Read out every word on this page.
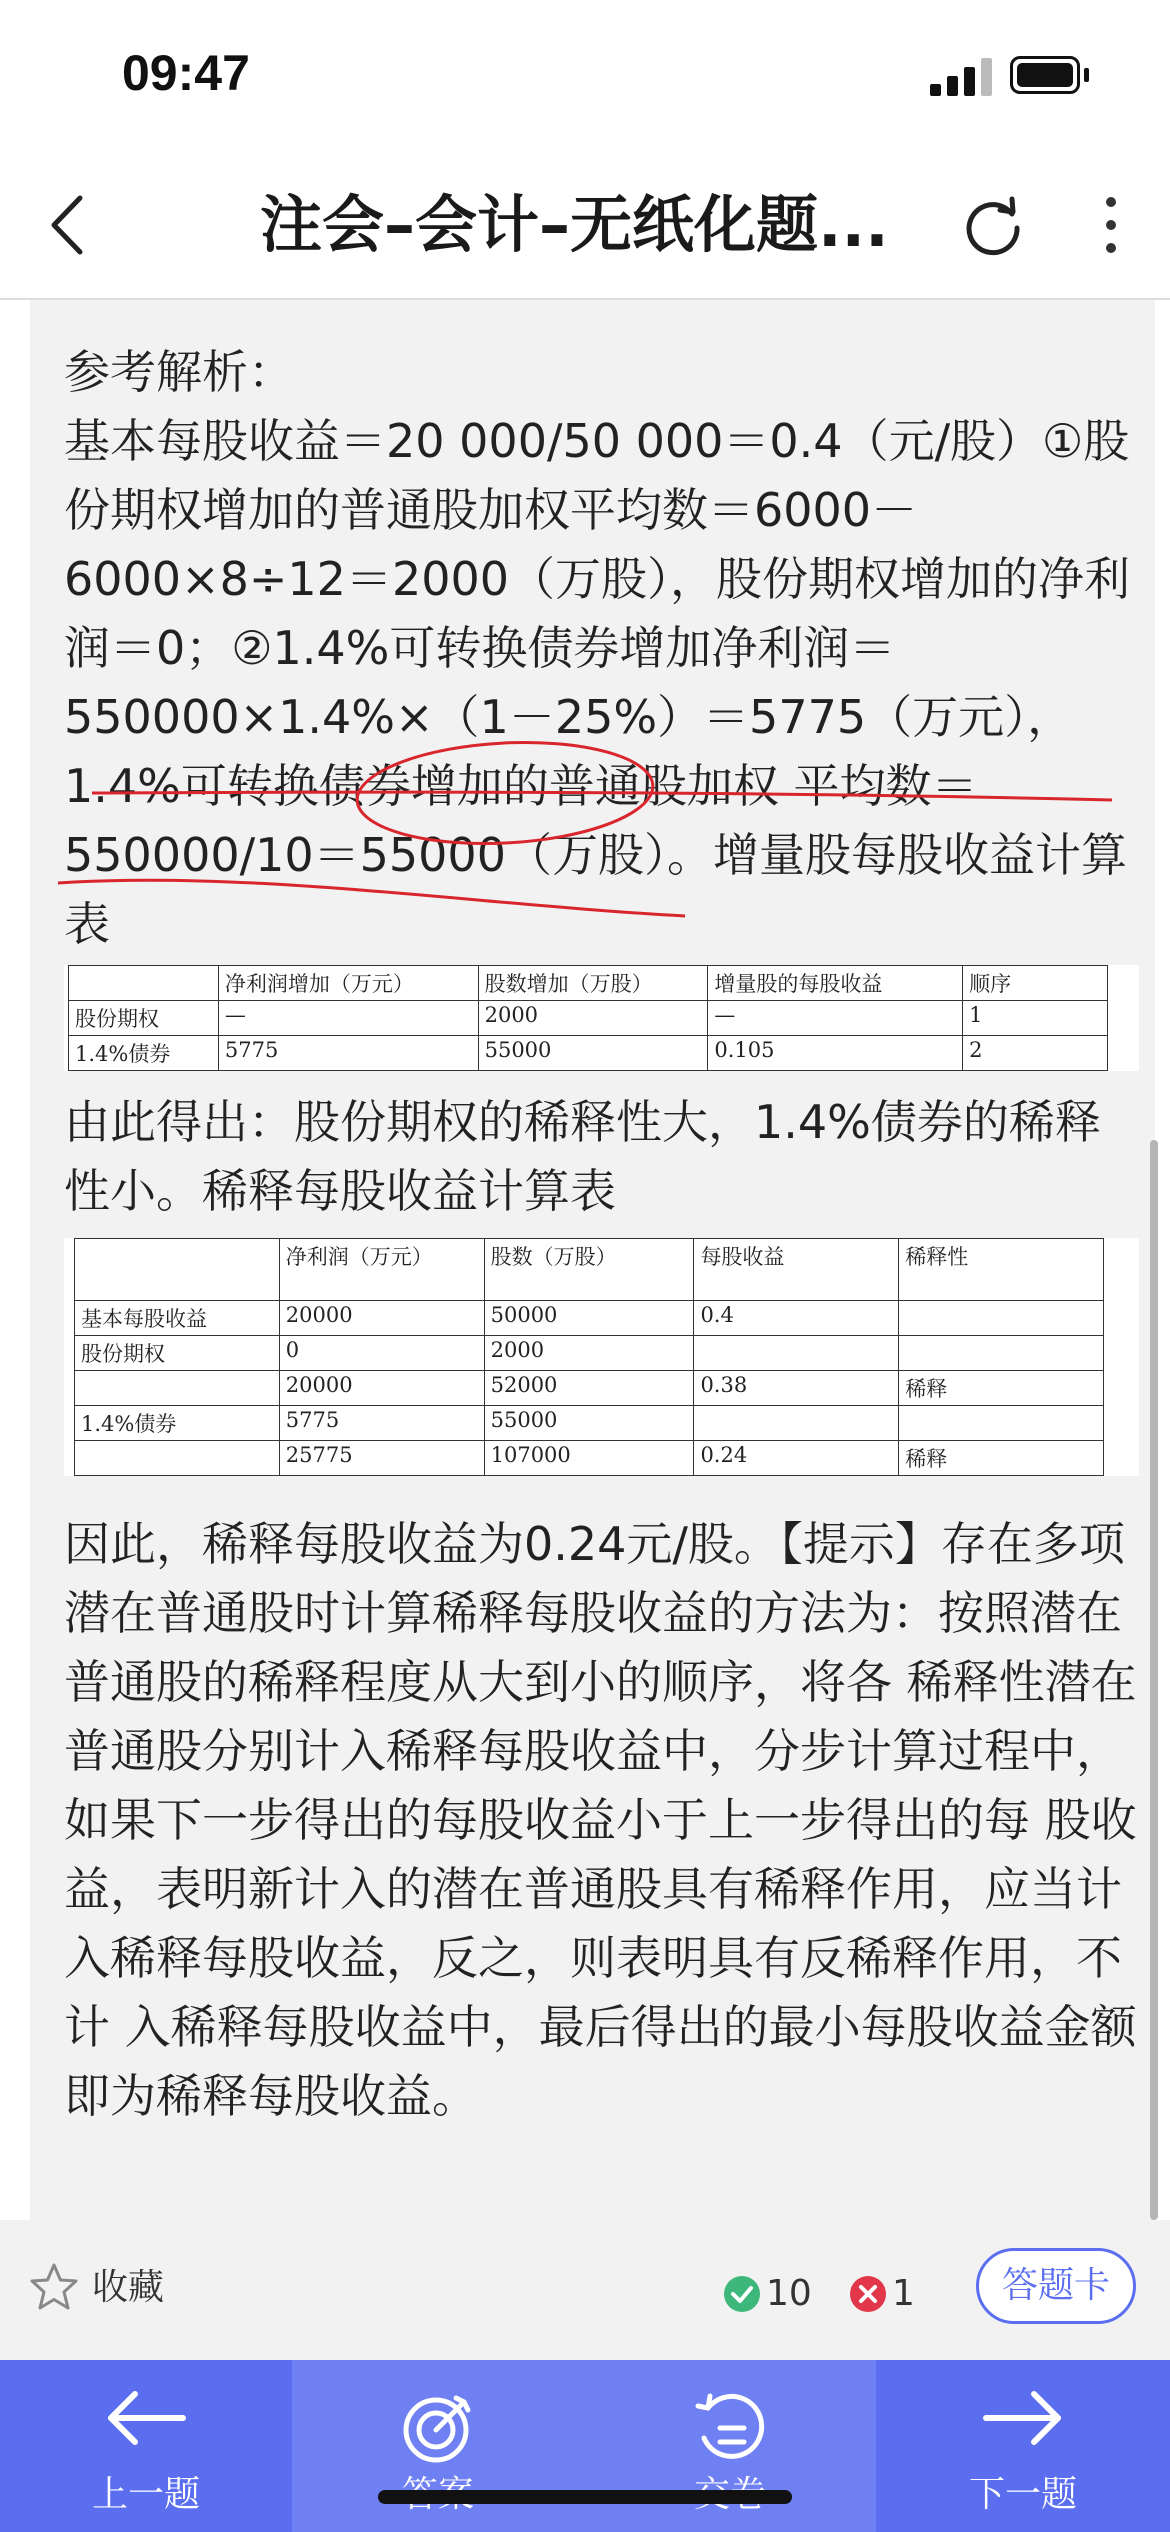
09:47
注会–会计–无纸化题...

参考解析：
基本每股收益＝20 000/50 000＝0.4（元/股）①股份期权增加的普通股加权平均数＝6000－6000×8÷12＝2000（万股），股份期权增加的净利润＝0；②1.4%可转换债券增加净利润＝550000×1.4%×（1－25%）＝5775（万元），1.4%可转换债券增加的普通股加权 平均数＝550000/10＝55000（万股）。增量股每股收益计算表

	净利润增加（万元）	股数增加（万股）	增量股的每股收益	顺序
股份期权	—	2000	—	1
1.4%债券	5775	55000	0.105	2

由此得出：股份期权的稀释性大，1.4%债券的稀释性小。稀释每股收益计算表

	净利润（万元）	股数（万股）	每股收益	稀释性
基本每股收益	20000	50000	0.4	
股份期权	0	2000		
	20000	52000	0.38	稀释
1.4%债券	5775	55000		
	25775	107000	0.24	稀释

因此，稀释每股收益为0.24元/股。【提示】存在多项潜在普通股时计算稀释每股收益的方法为：按照潜在普通股的稀释程度从大到小的顺序，将各 稀释性潜在普通股分别计入稀释每股收益中，分步计算过程中，如果下一步得出的每股收益小于上一步得出的每 股收益，表明新计入的潜在普通股具有稀释作用，应当计入稀释每股收益，反之，则表明具有反稀释作用，不计 入稀释每股收益中，最后得出的最小每股收益金额即为稀释每股收益。

收藏	10 1	答题卡
上一题	下一题
